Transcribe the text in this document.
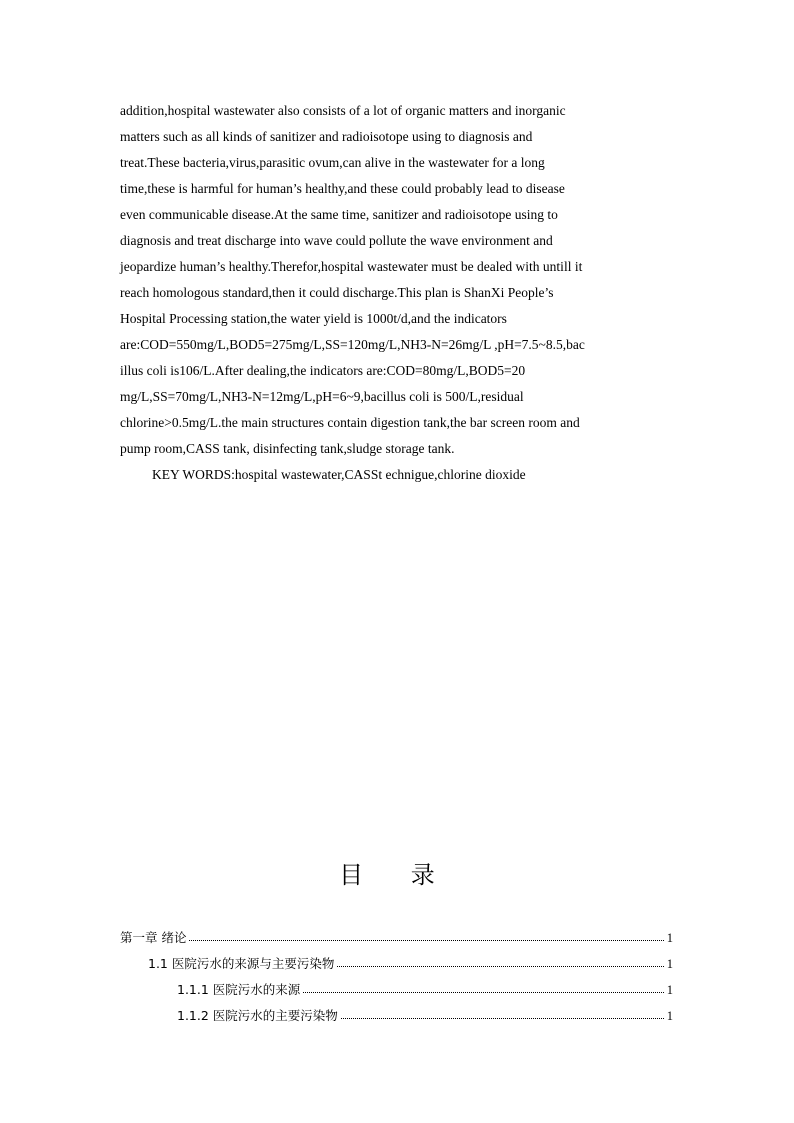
addition,hospital wastewater also consists of a lot of organic matters and inorganic

matters such as all kinds of sanitizer and radioisotope using to diagnosis and

treat.These bacteria,virus,parasitic ovum,can alive in the wastewater for a long

time,these is harmful for human’s healthy,and these could probably lead to disease

even communicable disease.At the same time, sanitizer and radioisotope using to

diagnosis and treat discharge into wave could pollute the wave environment and

jeopardize human’s healthy.Therefor,hospital wastewater must be dealed with untill it

reach homologous standard,then it could discharge.This plan is ShanXi People’s

Hospital Processing station,the water yield is 1000t/d,and the indicators

are:COD=550mg/L,BOD5=275mg/L,SS=120mg/L,NH3-N=26mg/L ,pH=7.5~8.5,bac

illus coli is106/L.After dealing,the indicators are:COD=80mg/L,BOD5=20

mg/L,SS=70mg/L,NH3-N=12mg/L,pH=6~9,bacillus coli is 500/L,residual

chlorine>0.5mg/L.the main structures contain digestion tank,the bar screen room and

pump room,CASS tank, disinfecting tank,sludge storage tank.

KEY WORDS:hospital wastewater,CASSt echnigue,chlorine dioxide

目 录
第一章 绪论	1
1.1 医院污水的来源与主要污染物	1
1.1.1 医院污水的来源	1
1.1.2 医院污水的主要污染物	1
